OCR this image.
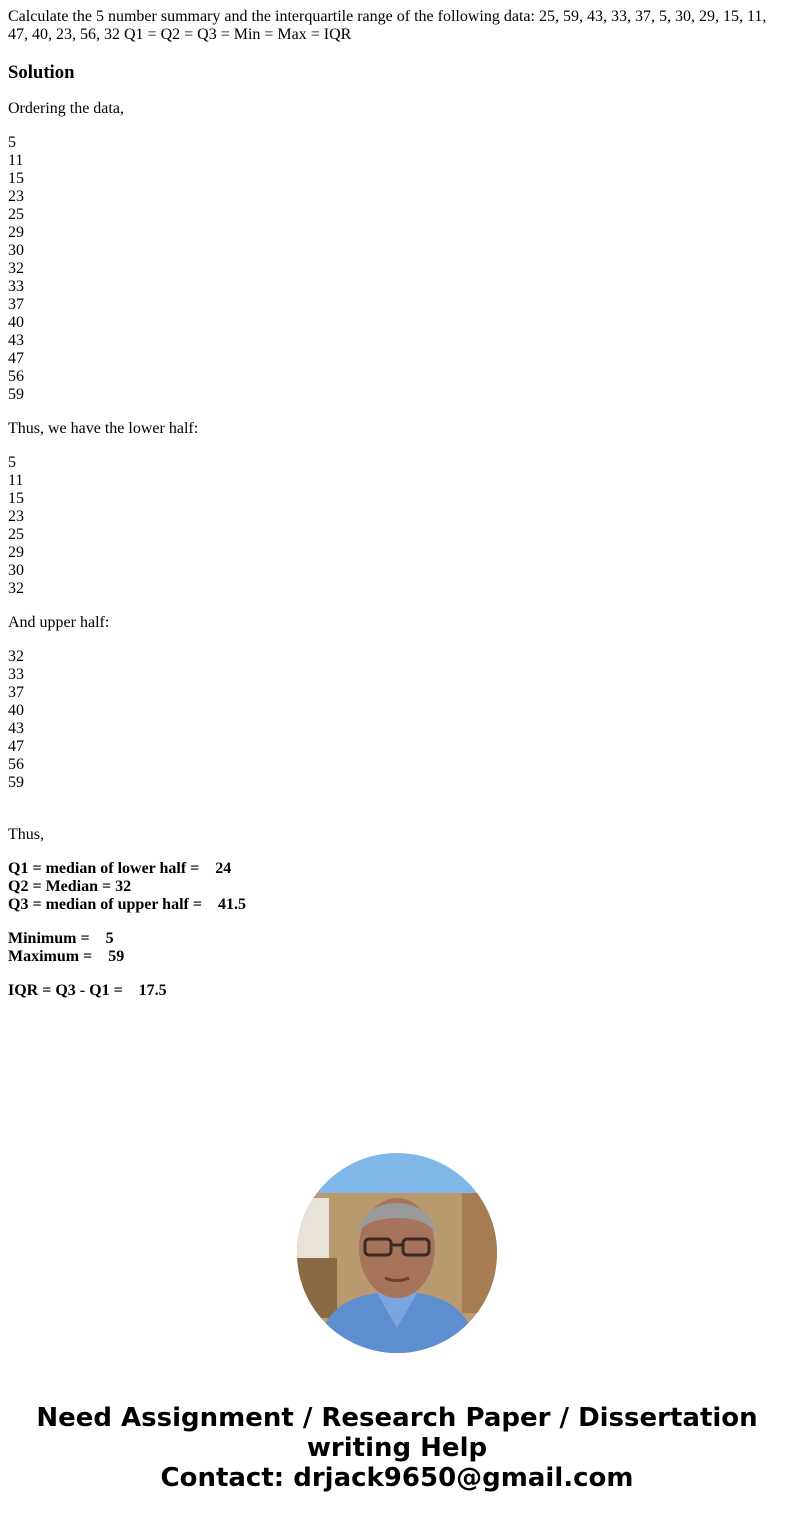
Calculate the 5 number summary and the interquartile range of the following data: 25, 59, 43, 33, 37, 5, 30, 29, 15, 11, 47, 40, 23, 56, 32 Q1 = Q2 = Q3 = Min = Max = IQR
Solution

Ordering the data,

5
11
15
23
25
29
30
32
33
37
40
43
47
56
59

Thus, we have the lower half:

5
11
15
23
25
29
30
32

And upper half:

32
33
37
40
43
47
56
59

Thus,

Q1 = median of lower half =    24
Q2 = Median = 32
Q3 = median of upper half =    41.5

Minimum =    5
Maximum =    59

IQR = Q3 - Q1 =    17.5

Need Assignment / Research Paper / Dissertation
writing Help
Contact: drjack9650@gmail.com
